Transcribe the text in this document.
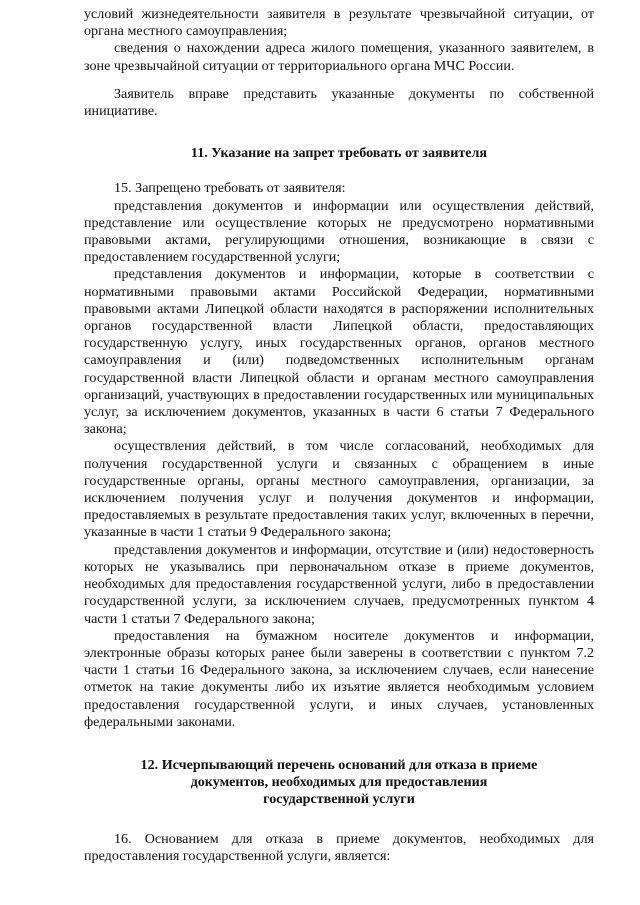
условий жизнедеятельности заявителя в результате чрезвычайной ситуации, от органа местного самоуправления;

сведения о нахождении адреса жилого помещения, указанного заявителем, в зоне чрезвычайной ситуации от территориального органа МЧС России.

Заявитель вправе представить указанные документы по собственной инициативе.

11. Указание на запрет требовать от заявителя

15. Запрещено требовать от заявителя:

представления документов и информации или осуществления действий, представление или осуществление которых не предусмотрено нормативными правовыми актами, регулирующими отношения, возникающие в связи с предоставлением государственной услуги;

представления документов и информации, которые в соответствии с нормативными правовыми актами Российской Федерации, нормативными правовыми актами Липецкой области находятся в распоряжении исполнительных органов государственной власти Липецкой области, предоставляющих государственную услугу, иных государственных органов, органов местного самоуправления и (или) подведомственных исполнительным органам государственной власти Липецкой области и органам местного самоуправления организаций, участвующих в предоставлении государственных или муниципальных услуг, за исключением документов, указанных в части 6 статьи 7 Федерального закона;

осуществления действий, в том числе согласований, необходимых для получения государственной услуги и связанных с обращением в иные государственные органы, органы местного самоуправления, организации, за исключением получения услуг и получения документов и информации, предоставляемых в результате предоставления таких услуг, включенных в перечни, указанные в части 1 статьи 9 Федерального закона;

представления документов и информации, отсутствие и (или) недостоверность которых не указывались при первоначальном отказе в приеме документов, необходимых для предоставления государственной услуги, либо в предоставлении государственной услуги, за исключением случаев, предусмотренных пунктом 4 части 1 статьи 7 Федерального закона;

предоставления на бумажном носителе документов и информации, электронные образы которых ранее были заверены в соответствии с пунктом 7.2 части 1 статьи 16 Федерального закона, за исключением случаев, если нанесение отметок на такие документы либо их изъятие является необходимым условием предоставления государственной услуги, и иных случаев, установленных федеральными законами.

12. Исчерпывающий перечень оснований для отказа в приеме

документов, необходимых для предоставления

государственной услуги

16. Основанием для отказа в приеме документов, необходимых для предоставления государственной услуги, является:
